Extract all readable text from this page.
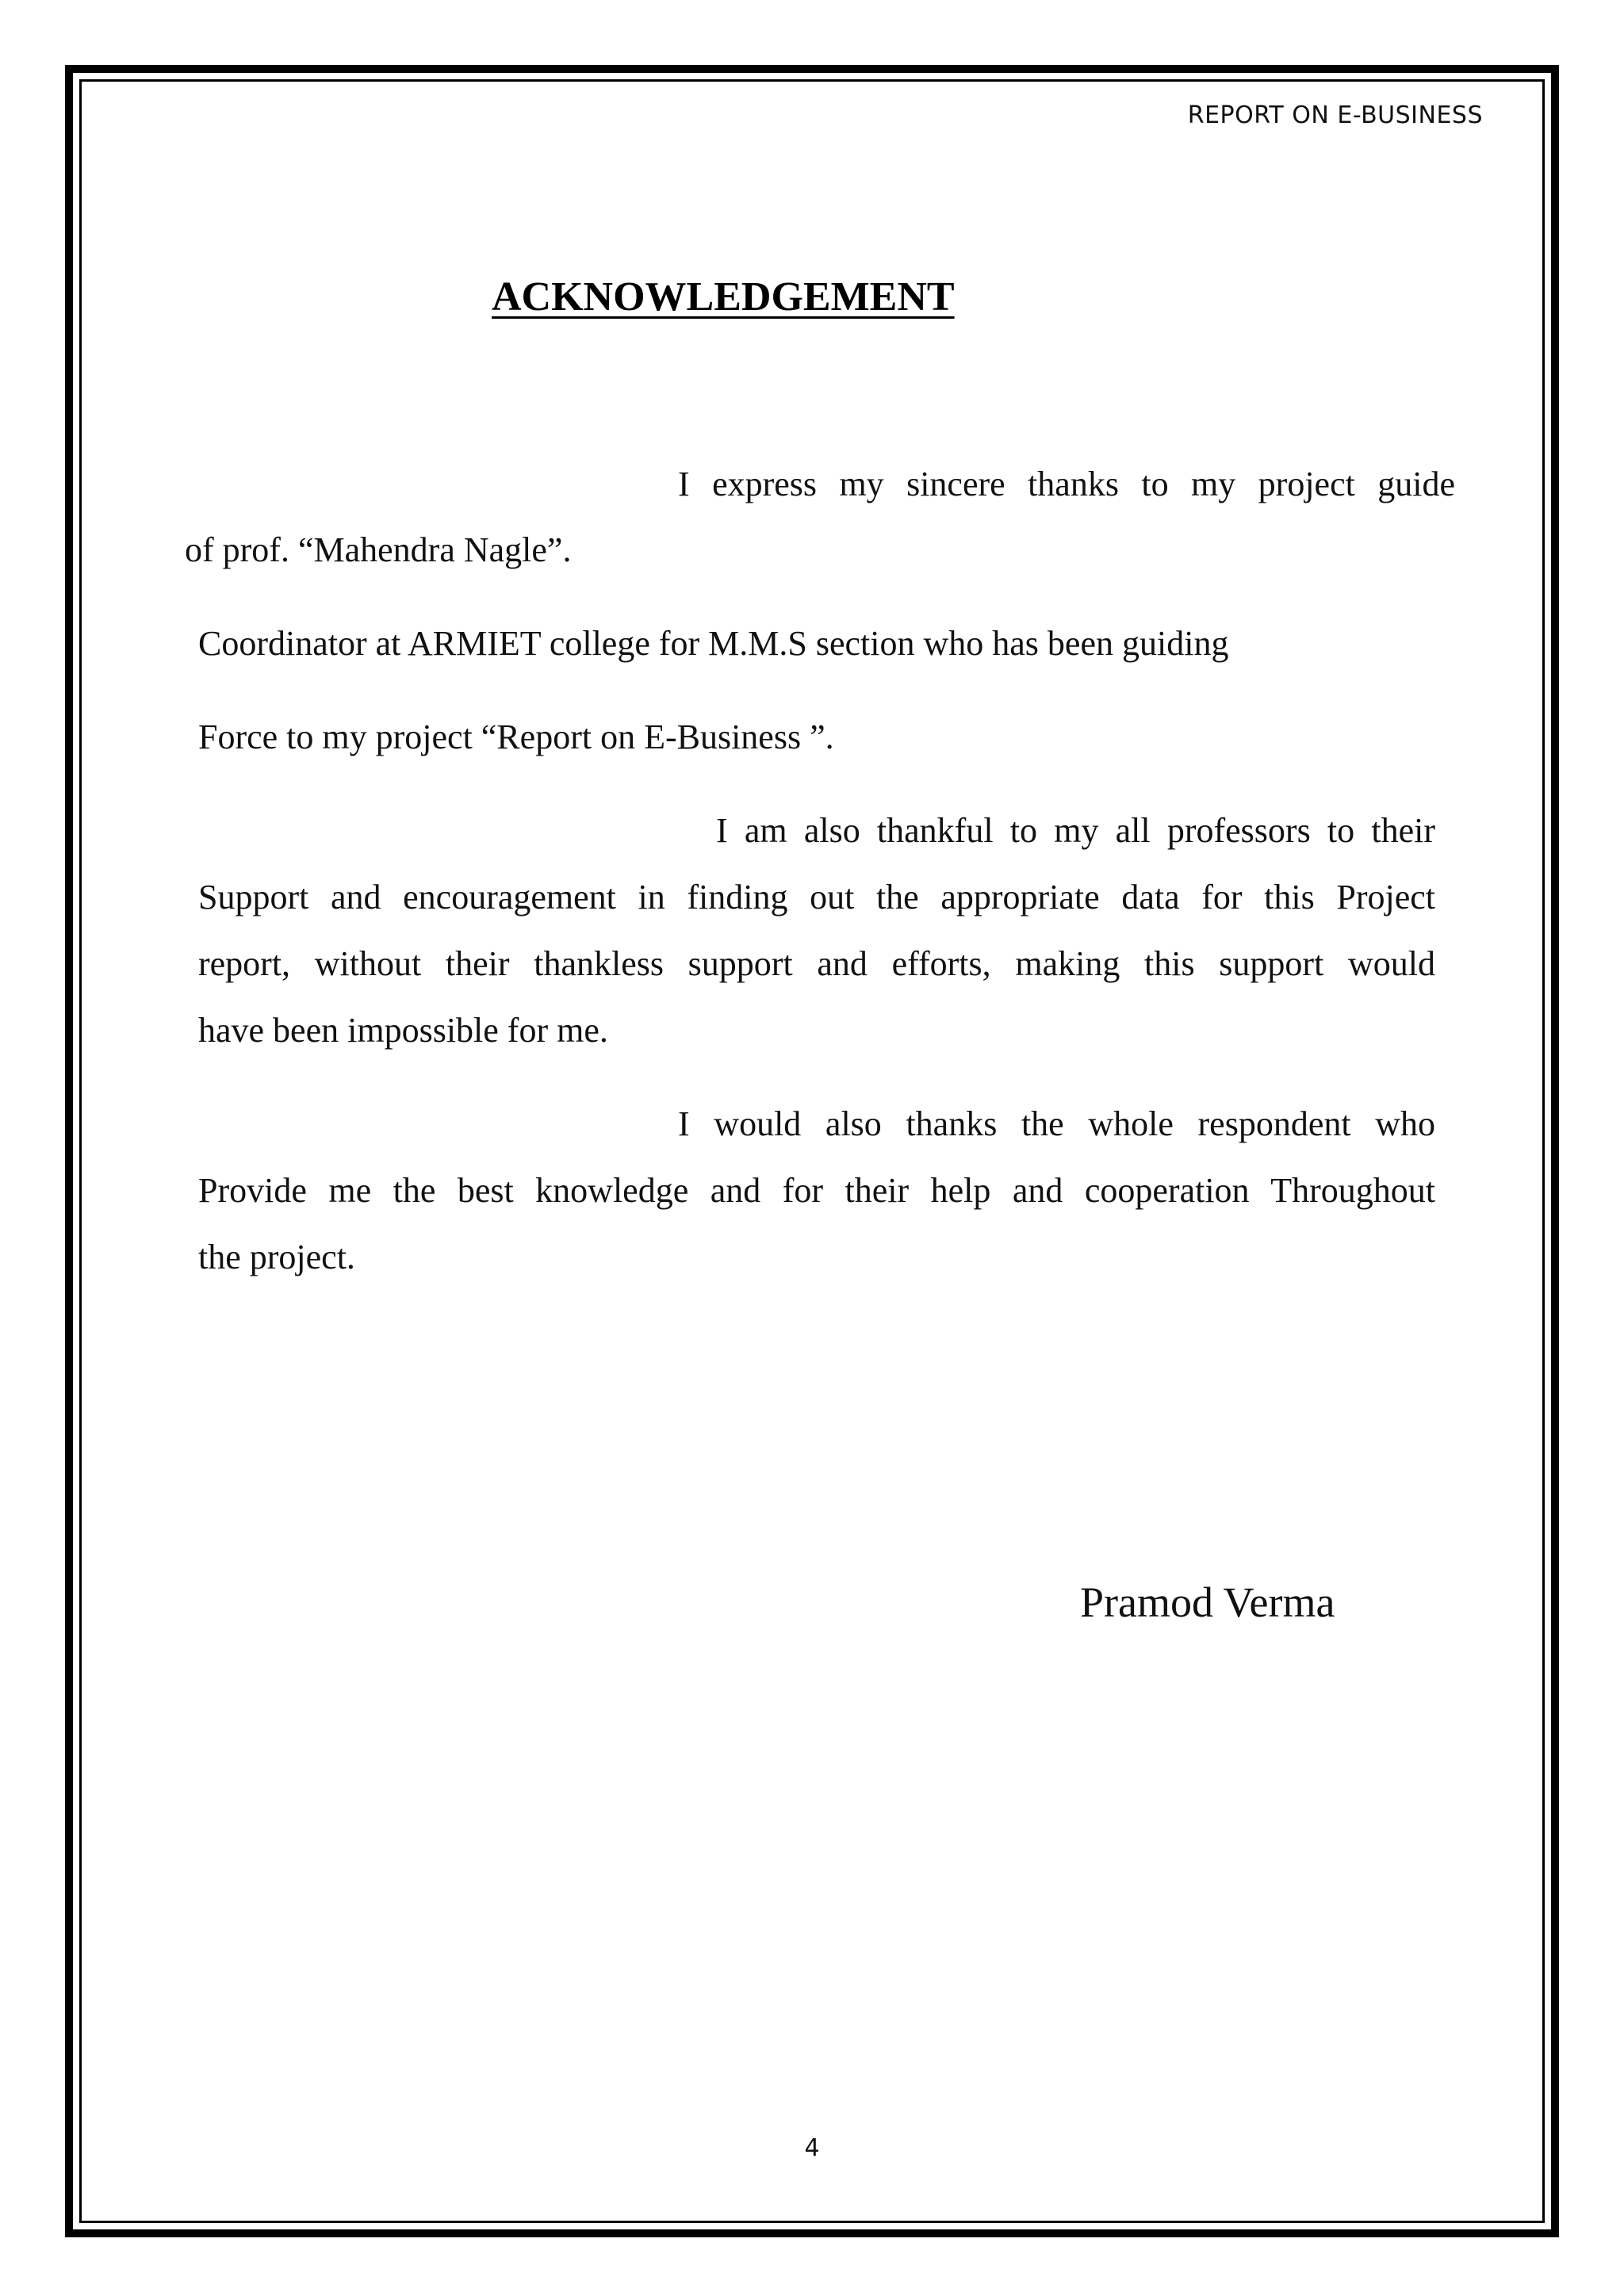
REPORT ON E-BUSINESS
ACKNOWLEDGEMENT
I express my sincere thanks to my project guide
of prof. “Mahendra Nagle”.
Coordinator at ARMIET college for M.M.S section who has been guiding
Force to my project “Report on E-Business ”.
I am also thankful to my all professors to their
Support and encouragement in finding out the appropriate data for this Project
report, without their thankless support and efforts, making this support would
have been impossible for me.
I would also thanks the whole respondent who
Provide me the best knowledge and for their help and cooperation Throughout
the project.
Pramod Verma
4
